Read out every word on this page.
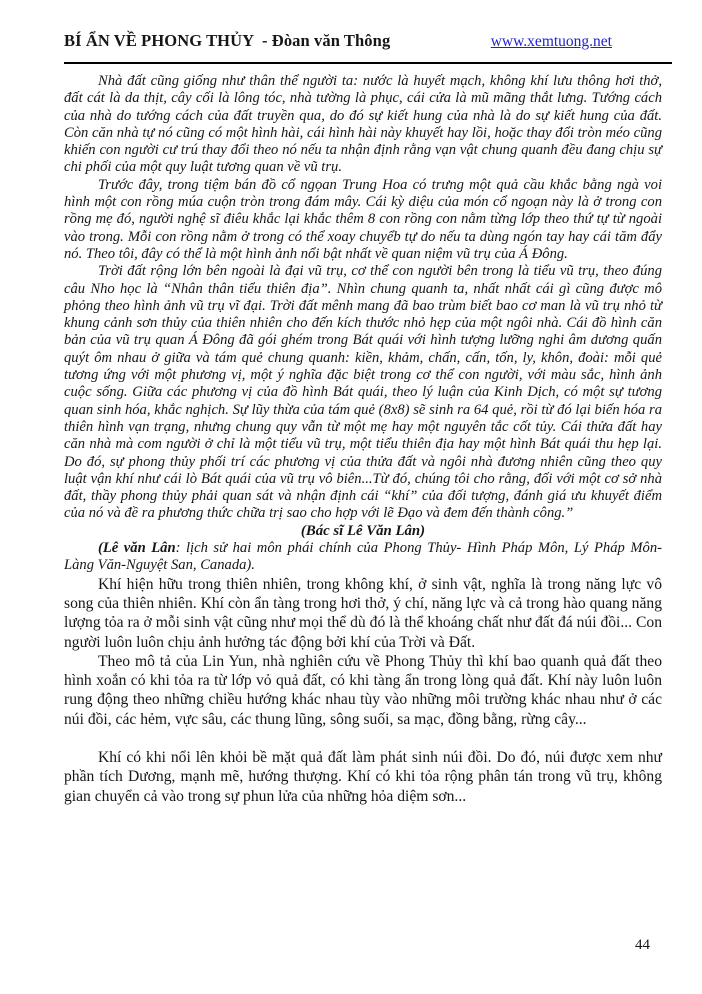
BÍ ẨN VỀ PHONG THỦY  - Đòan văn Thông	www.xemtuong.net

Nhà đất cũng giống như thân thể người ta: nước là huyết mạch, không khí lưu thông hơi thở, đất cát là da thịt, cây cối là lông tóc, nhà tường là phục, cái cửa là mũ mãng thắt lưng. Tướng cách của nhà do tướng cách của đất truyền qua, do đó sự kiết hung của nhà là do sự kiết hung của đất. Còn căn nhà tự nó cũng có một hình hài, cái hình hài này khuyết hay lồi, hoặc thay đổi tròn méo cũng khiến con người cư trú thay đổi theo nó nếu ta nhận định rằng vạn vật chung quanh đều đang chịu sự chi phối của một quy luật tương quan về vũ trụ.

Trước đây, trong tiệm bán đồ cổ ngọan Trung Hoa có trưng một quả cầu khắc bằng ngà voi hình một con rồng múa cuộn tròn trong đám mây. Cái kỳ diệu của món cổ ngoạn này là ở trong con rồng mẹ đó, người nghệ sĩ điêu khắc lại khắc thêm 8 con rồng con nằm từng lớp theo thứ tự từ ngoài vào trong. Mỗi con rồng nằm ở trong có thể xoay chuyểb tự do nếu ta dùng ngón tay hay cái tăm đẩy nó. Theo tôi, đây có thể là một hình ảnh nổi bật nhất về quan niệm vũ trụ của Á Đông.

Trời đất rộng lớn bên ngoài là đại vũ trụ, cơ thể con người bên trong là tiểu vũ trụ, theo đúng câu Nho học là “Nhân thân tiểu thiên địa”. Nhìn chung quanh ta, nhất nhất cái gì cũng được mô phỏng theo hình ảnh vũ trụ vĩ đại. Trời đất mênh mang đã bao trùm biết bao cơ man là vũ trụ nhỏ từ khung cảnh sơn thủy của thiên nhiên cho đến kích thước nhỏ hẹp của một ngôi nhà. Cái đồ hình căn bản của vũ trụ quan Á Đông đã gói ghém trong Bát quái với hình tượng lưỡng nghi âm dương quấn quýt ôm nhau ở giữa và tám quẻ chung quanh: kiền, khảm, chấn, cấn, tốn, ly, khôn, đoài: mỗi quẻ tương ứng với một phương vị, một ý nghĩa đặc biệt trong cơ thể con người, với màu sắc, hình ảnh cuộc sống. Giữa các phương vị của đồ hình Bát quái, theo lý luận của Kinh Dịch, có một sự tương quan sinh hóa, khắc nghịch. Sự lũy thừa của tám quẻ (8x8) sẽ sinh ra 64 quẻ, rồi từ đó lại biến hóa ra thiên hình vạn trạng, nhưng chung quy vẫn từ một mẹ hay một nguyên tắc cốt tủy. Cái thửa đất hay căn nhà mà com người ở chỉ là một tiểu vũ trụ, một tiểu thiên địa hay một hình Bát quái thu hẹp lại. Do đó, sự phong thủy phối trí các phương vị của thửa đất và ngôi nhà đương nhiên cũng theo quy luật vận khí như cái lò Bát quái của vũ trụ vô biên...Từ đó, chúng tôi cho rằng, đối với một cơ sở nhà đất, thầy phong thủy phải quan sát và nhận định cái “khí” của đối tượng, đánh giá ưu khuyết điểm của nó và đề ra phương thức chữa trị sao cho hợp với lẽ Đạo và đem đến thành công.”

(Bác sĩ Lê Văn Lân)

(Lê văn Lân: lịch sử hai môn phái chính của Phong Thủy- Hình Pháp Môn, Lý Pháp Môn- Làng Văn-Nguyệt San, Canada).

Khí hiện hữu trong thiên nhiên, trong không khí, ở sinh vật, nghĩa là trong năng lực vô song của thiên nhiên. Khí còn ẩn tàng trong hơi thở, ý chí, năng lực và cả trong hào quang năng lượng tỏa ra ở mỗi sinh vật cũng như mọi thể dù đó là thể khoáng chất như đất đá núi đồi... Con người luôn luôn chịu ảnh hưởng tác động bởi khí của Trời và Đất.

Theo mô tả của Lin Yun, nhà nghiên cứu về Phong Thủy thì khí bao quanh quả đất theo hình xoắn có khi tỏa ra từ lớp vỏ quả đất, có khi tàng ẩn trong lòng quả đất. Khí này luôn luôn rung động theo những chiều hướng khác nhau tùy vào những môi trường khác nhau như ở các núi đồi, các hẻm, vực sâu, các thung lũng, sông suối, sa mạc, đồng bằng, rừng cây...

Khí có khi nổi lên khỏi bề mặt quả đất làm phát sinh núi đồi. Do đó, núi được xem như phần tích Dương, mạnh mẽ, hướng thượng. Khí có khi tỏa rộng phân tán trong vũ trụ, không gian chuyển cả vào trong sự phun lửa của những hỏa diệm sơn...

44
